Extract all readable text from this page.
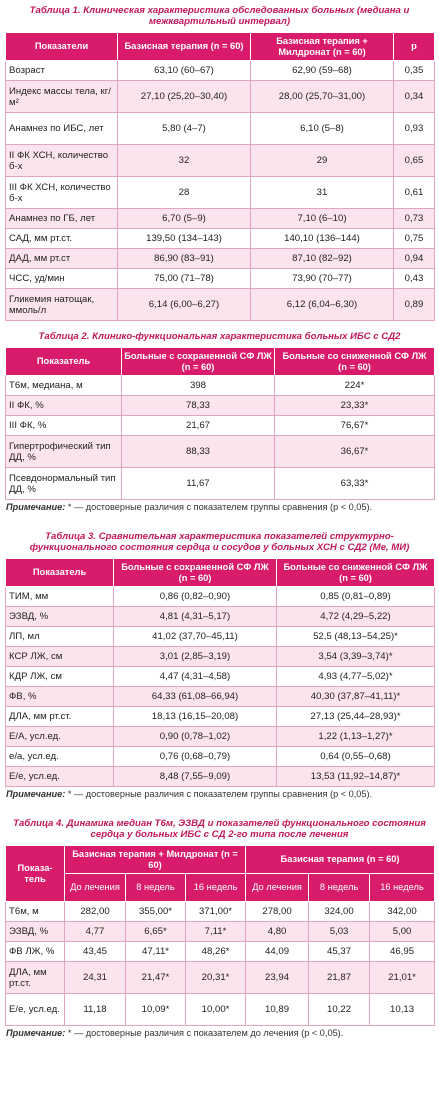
Таблица 1. Клиническая характеристика обследованных больных (медиана и межквартильный интервал)
Показатели	Базисная терапия (n = 60)	Базисная терапия + Милдронат (n = 60)	p
Возраст	63,10 (60–67)	62,90 (59–68)	0,35
Индекс массы тела, кг/м²	27,10 (25,20–30,40)	28,00 (25,70–31,00)	0,34
Анамнез по ИБС, лет	5,80 (4–7)	6,10 (5–8)	0,93
II ФК ХСН, количество б-х	32	29	0,65
III ФК ХСН, количество б-х	28	31	0,61
Анамнез по ГБ, лет	6,70 (5–9)	7,10 (6–10)	0,73
САД, мм рт.ст.	139,50 (134–143)	140,10 (136–144)	0,75
ДАД, мм рт.ст	86,90 (83–91)	87,10 (82–92)	0,94
ЧСС, уд/мин	75,00 (71–78)	73,90 (70–77)	0,43
Гликемия натощак, ммоль/л	6,14 (6,00–6,27)	6,12 (6,04–6,30)	0,89
Таблица 2. Клинико-функциональная характеристика больных ИБС с СД2
Показатель	Больные с сохраненной СФ ЛЖ (n = 60)	Больные со сниженной СФ ЛЖ (n = 60)
Т6м, медиана, м	398	224*
II ФК, %	78,33	23,33*
III ФК, %	21,67	76,67*
Гипертрофический тип ДД, %	88,33	36,67*
Псевдонормальный тип ДД, %	11,67	63,33*
Примечание: * — достоверные различия с показателем группы сравнения (p < 0,05).
Таблица 3. Сравнительная характеристика показателей структурно-функционального состояния сердца и сосудов у больных ХСН с СД2 (Ме, МИ)
Показатель	Больные с сохраненной СФ ЛЖ (n = 60)	Больные со сниженной СФ ЛЖ (n = 60)
ТИМ, мм	0,86 (0,82–0,90)	0,85 (0,81–0,89)
ЭЗВД, %	4,81 (4,31–5,17)	4,72 (4,29–5,22)
ЛП, мл	41,02 (37,70–45,11)	52,5 (48,13–54,25)*
КСР ЛЖ, см	3,01 (2,85–3,19)	3,54 (3,39–3,74)*
КДР ЛЖ, см	4,47 (4,31–4,58)	4,93 (4,77–5,02)*
ФВ, %	64,33 (61,08–66,94)	40,30 (37,87–41,11)*
ДЛА, мм рт.ст.	18,13 (16,15–20,08)	27,13 (25,44–28,93)*
Е/А, усл.ед.	0,90 (0,78–1,02)	1,22 (1,13–1,27)*
е/а, усл.ед.	0,76 (0,68–0,79)	0,64 (0,55–0,68)
Е/е, усл.ед.	8,48 (7,55–9,09)	13,53 (11,92–14,87)*
Примечание: * — достоверные различия с показателем группы сравнения (p < 0,05).
Таблица 4. Динамика медиан Т6м, ЭЗВД и показателей функционального состояния сердца у больных ИБС с СД 2-го типа после лечения
Показа-тель	Базисная терапия + Милдронат (n = 60)			Базисная терапия (n = 60)		
	До лечения	8 недель	16 недель	До лечения	8 недель	16 недель
Т6м, м	282,00	355,00*	371,00*	278,00	324,00	342,00
ЭЗВД, %	4,77	6,65*	7,11*	4,80	5,03	5,00
ФВ ЛЖ, %	43,45	47,11*	48,26*	44,09	45,37	46,95
ДЛА, мм рт.ст.	24,31	21,47*	20,31*	23,94	21,87	21,01*
Е/е, усл.ед.	11,18	10,09*	10,00*	10,89	10,22	10,13
Примечание: * — достоверные различия с показателем до лечения (p < 0,05).
